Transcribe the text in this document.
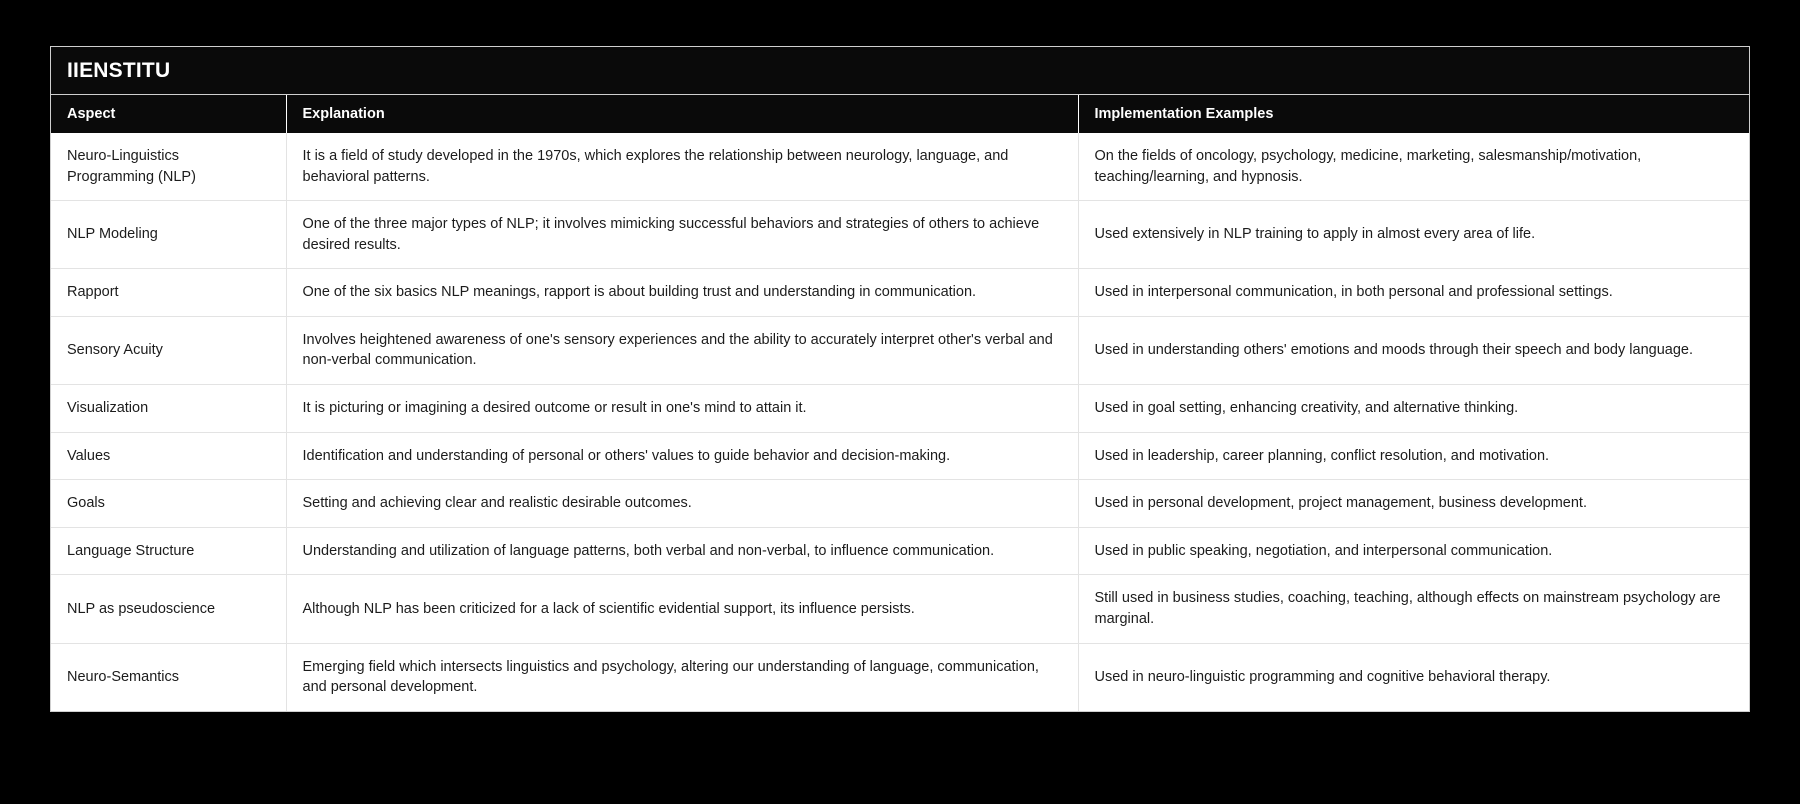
IIENSTITU
Aspect	Explanation	Implementation Examples
Neuro-Linguistics Programming (NLP)	It is a field of study developed in the 1970s, which explores the relationship between neurology, language, and behavioral patterns.	On the fields of oncology, psychology, medicine, marketing, salesmanship/motivation, teaching/learning, and hypnosis.
NLP Modeling	One of the three major types of NLP; it involves mimicking successful behaviors and strategies of others to achieve desired results.	Used extensively in NLP training to apply in almost every area of life.
Rapport	One of the six basics NLP meanings, rapport is about building trust and understanding in communication.	Used in interpersonal communication, in both personal and professional settings.
Sensory Acuity	Involves heightened awareness of one's sensory experiences and the ability to accurately interpret other's verbal and non-verbal communication.	Used in understanding others' emotions and moods through their speech and body language.
Visualization	It is picturing or imagining a desired outcome or result in one's mind to attain it.	Used in goal setting, enhancing creativity, and alternative thinking.
Values	Identification and understanding of personal or others' values to guide behavior and decision-making.	Used in leadership, career planning, conflict resolution, and motivation.
Goals	Setting and achieving clear and realistic desirable outcomes.	Used in personal development, project management, business development.
Language Structure	Understanding and utilization of language patterns, both verbal and non-verbal, to influence communication.	Used in public speaking, negotiation, and interpersonal communication.
NLP as pseudoscience	Although NLP has been criticized for a lack of scientific evidential support, its influence persists.	Still used in business studies, coaching, teaching, although effects on mainstream psychology are marginal.
Neuro-Semantics	Emerging field which intersects linguistics and psychology, altering our understanding of language, communication, and personal development.	Used in neuro-linguistic programming and cognitive behavioral therapy.
